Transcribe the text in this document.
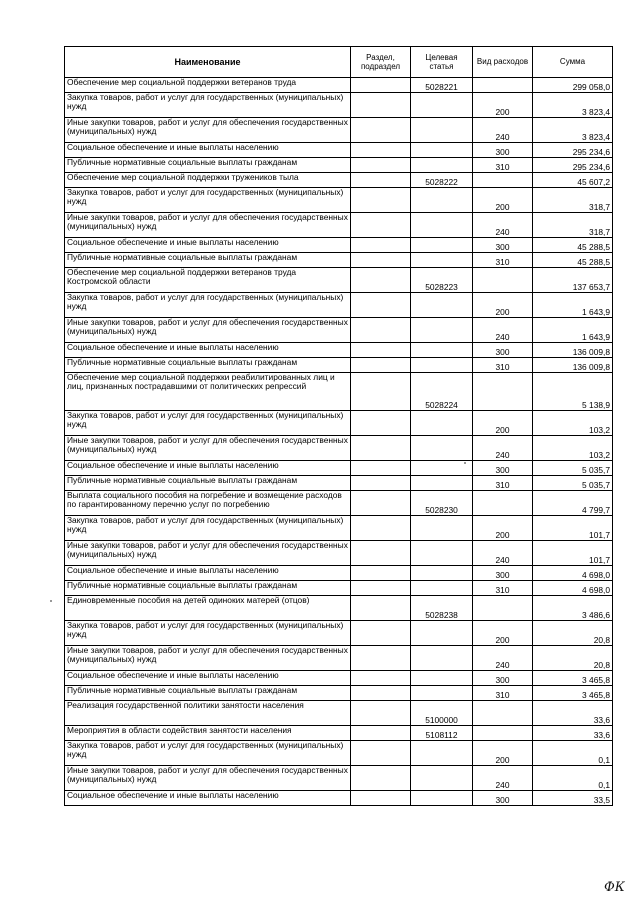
Наименование	Раздел, подраздел	Целевая статья	Вид расходов	Сумма
Обеспечение мер социальной поддержки ветеранов труда		5028221		299 058,0
Закупка товаров, работ и услуг для государственных (муниципальных) нужд			200	3 823,4
Иные закупки товаров, работ и услуг для обеспечения государственных (муниципальных) нужд			240	3 823,4
Социальное обеспечение и иные выплаты населению			300	295 234,6
Публичные нормативные социальные выплаты гражданам			310	295 234,6
Обеспечение мер социальной поддержки тружеников тыла		5028222		45 607,2
Закупка товаров, работ и услуг для государственных (муниципальных) нужд			200	318,7
Иные закупки товаров, работ и услуг для обеспечения государственных (муниципальных) нужд			240	318,7
Социальное обеспечение и иные выплаты населению			300	45 288,5
Публичные нормативные социальные выплаты гражданам			310	45 288,5
Обеспечение мер социальной поддержки ветеранов труда Костромской области		5028223		137 653,7
Закупка товаров, работ и услуг для государственных (муниципальных) нужд			200	1 643,9
Иные закупки товаров, работ и услуг для обеспечения государственных (муниципальных) нужд			240	1 643,9
Социальное обеспечение и иные выплаты населению			300	136 009,8
Публичные нормативные социальные выплаты гражданам			310	136 009,8
Обеспечение мер социальной поддержки реабилитированных лиц и лиц, признанных пострадавшими от политических репрессий		5028224		5 138,9
Закупка товаров, работ и услуг для государственных (муниципальных) нужд			200	103,2
Иные закупки товаров, работ и услуг для обеспечения государственных (муниципальных) нужд			240	103,2
Социальное обеспечение и иные выплаты населению			300	5 035,7
Публичные нормативные социальные выплаты гражданам			310	5 035,7
Выплата социального пособия на погребение и возмещение расходов по гарантированному перечню услуг по погребению		5028230		4 799,7
Закупка товаров, работ и услуг для государственных (муниципальных) нужд			200	101,7
Иные закупки товаров, работ и услуг для обеспечения государственных (муниципальных) нужд			240	101,7
Социальное обеспечение и иные выплаты населению			300	4 698,0
Публичные нормативные социальные выплаты гражданам			310	4 698,0
Единовременные пособия на детей одиноких матерей (отцов)		5028238		3 486,6
Закупка товаров, работ и услуг для государственных (муниципальных) нужд			200	20,8
Иные закупки товаров, работ и услуг для обеспечения государственных (муниципальных) нужд			240	20,8
Социальное обеспечение и иные выплаты населению			300	3 465,8
Публичные нормативные социальные выплаты гражданам			310	3 465,8
Реализация государственной политики занятости населения		5100000		33,6
Мероприятия в области содействия занятости населения		5108112		33,6
Закупка товаров, работ и услуг для государственных (муниципальных) нужд			200	0,1
Иные закупки товаров, работ и услуг для обеспечения государственных (муниципальных) нужд			240	0,1
Социальное обеспечение и иные выплаты населению			300	33,5
ФК
